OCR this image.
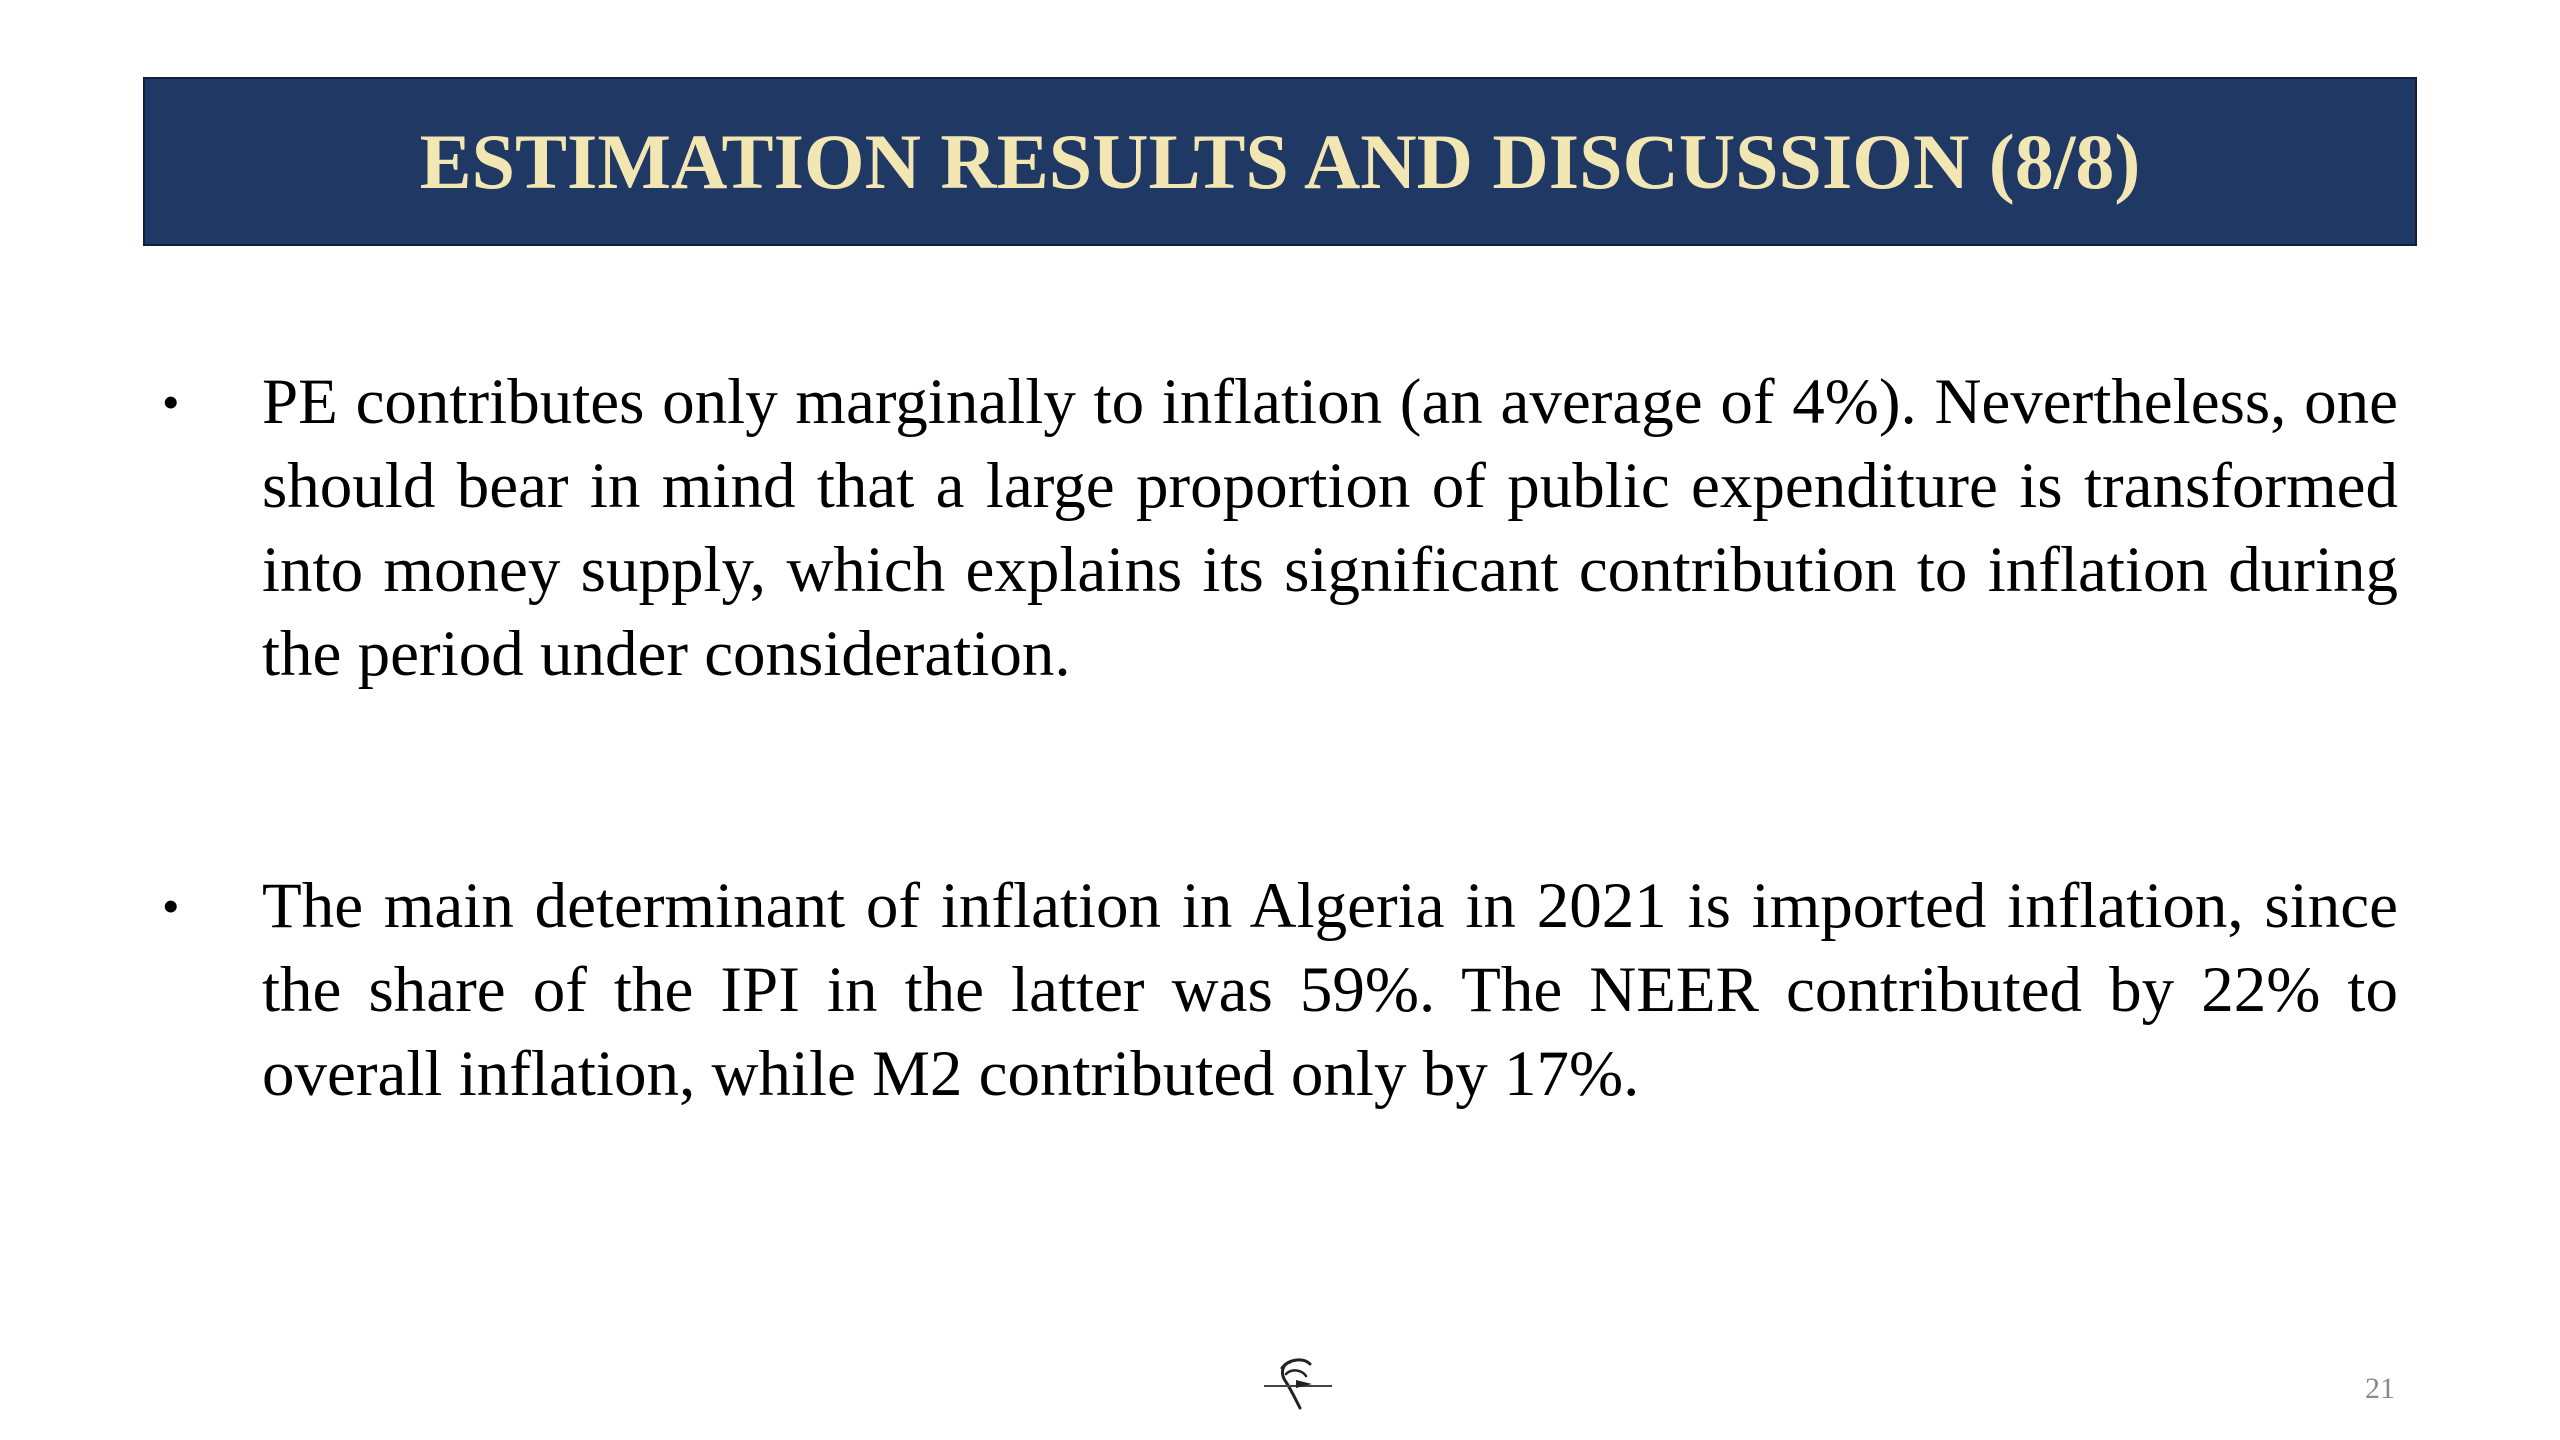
ESTIMATION RESULTS AND DISCUSSION (8/8)
• PE contributes only marginally to inflation (an average of 4%). Nevertheless, one should bear in mind that a large proportion of public expenditure is transformed into money supply, which explains its significant contribution to inflation during the period under consideration.
• The main determinant of inflation in Algeria in 2021 is imported inflation, since the share of the IPI in the latter was 59%. The NEER contributed by 22% to overall inflation, while M2 contributed only by 17%.
21
